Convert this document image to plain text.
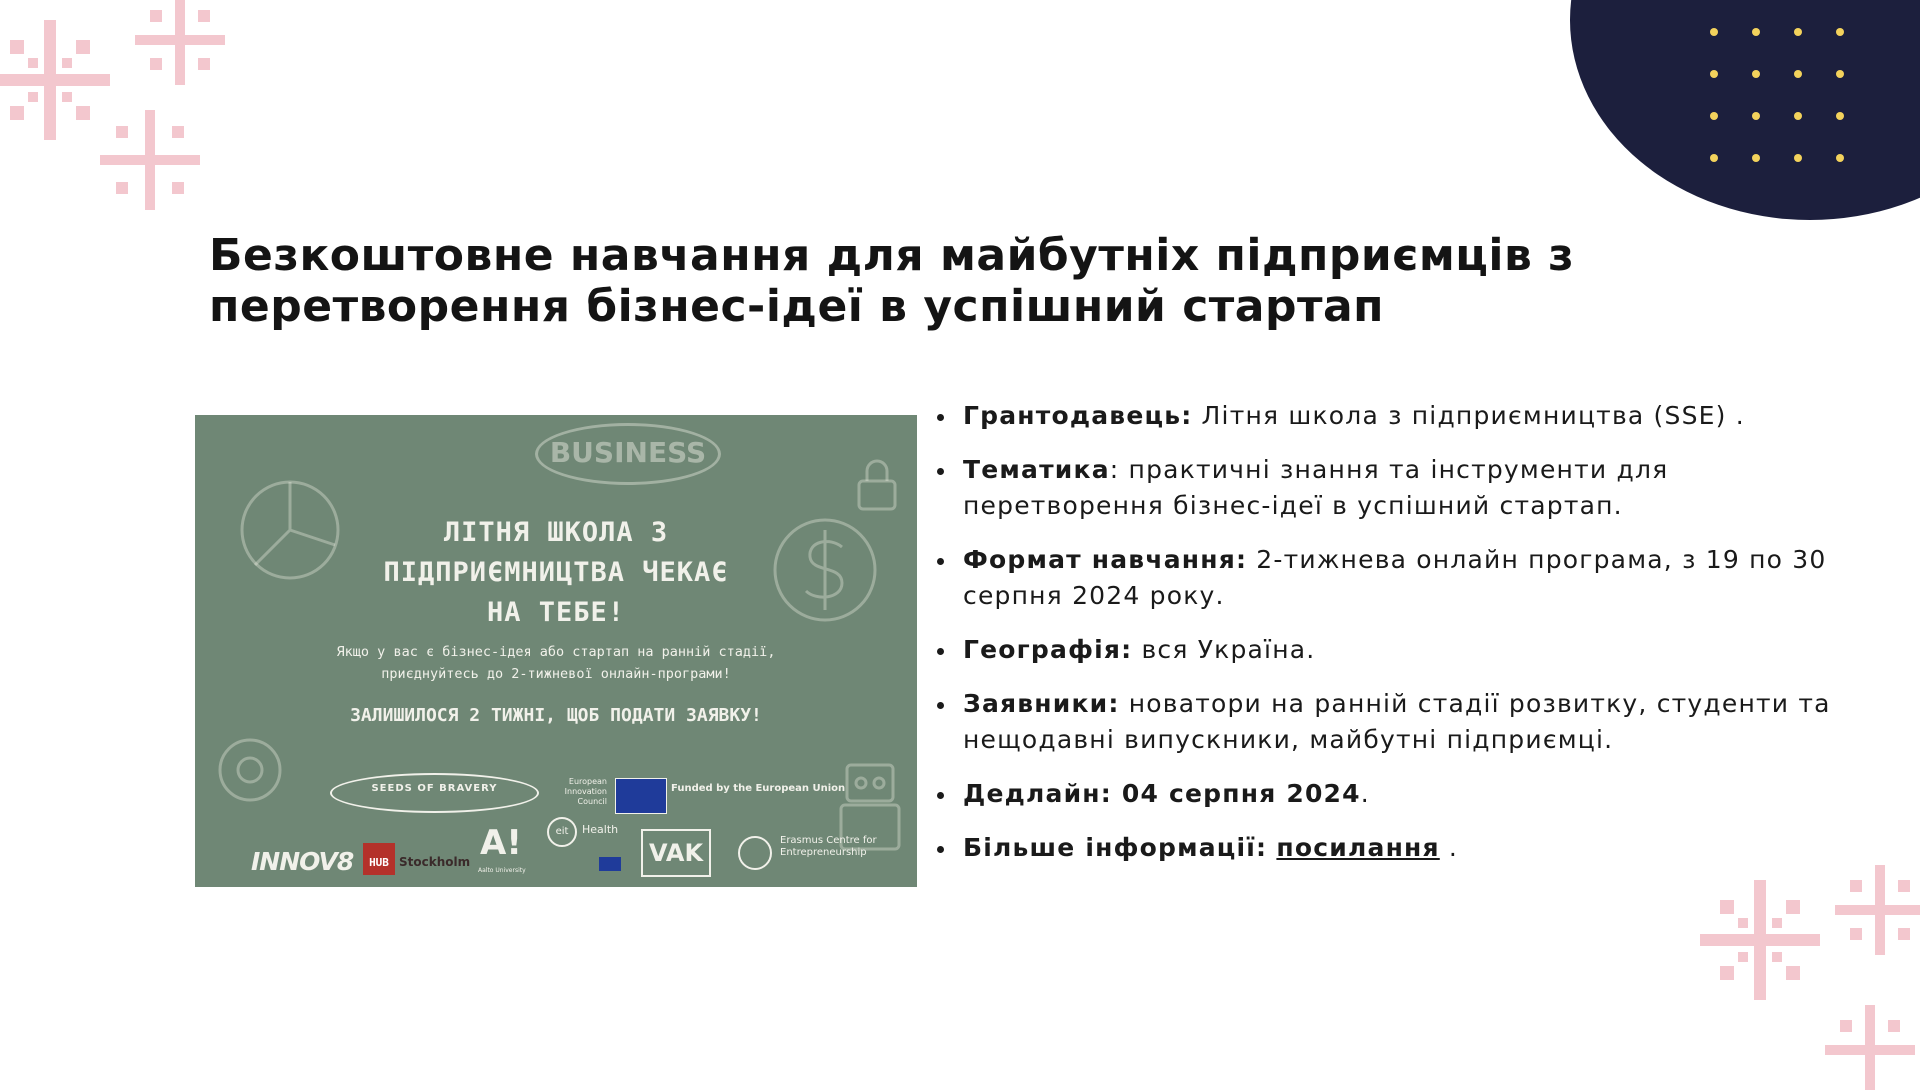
Безкоштовне навчання для майбутніх підприємців з перетворення бізнес-ідеї в успішний стартап
BUSINESS
ЛІТНЯ ШКОЛА З
ПІДПРИЄМНИЦТВА ЧЕКАЄ
НА ТЕБЕ!
Якщо у вас є бізнес-ідея або стартап на ранній стадії,
приєднуйтесь до 2-тижневої онлайн-програми!
ЗАЛИШИЛОСЯ 2 ТИЖНІ, ЩОБ ПОДАТИ ЗАЯВКУ!
SEEDS OF BRAVERY
European Innovation Council
Funded by the European Union
INNOV8	HUB Stockholm A!
Aalto University
eit	Health
VAK	Erasmus Centre for Entrepreneurship
Грантодавець: Літня школа з підприємництва (SSE) .
Тематика: практичні знання та інструменти для перетворення бізнес-ідеї в успішний стартап.
Формат навчання: 2-тижнева онлайн програма, з 19 по 30 серпня 2024 року.
Географія: вся Україна.
Заявники: новатори на ранній стадії розвитку, студенти та нещодавні випускники, майбутні підприємці.
Дедлайн: 04 серпня 2024.
Більше інформації: посилання .
